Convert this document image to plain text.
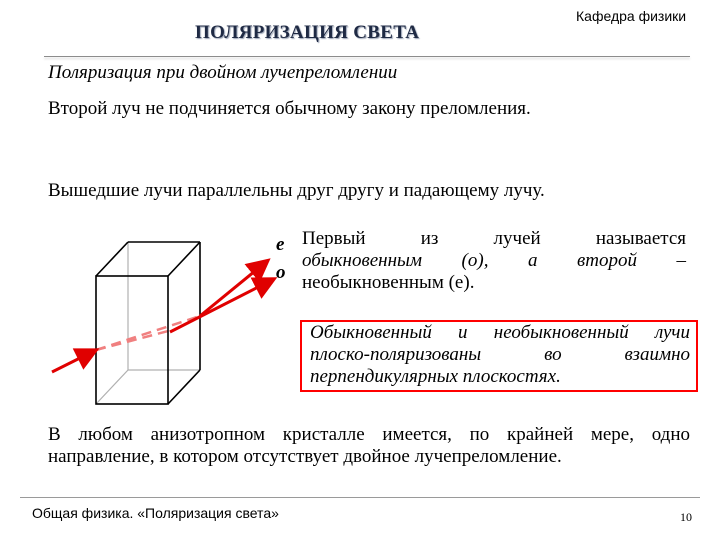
ПОЛЯРИЗАЦИЯ СВЕТА
Кафедра физики
Поляризация при двойном лучепреломлении
Второй луч не подчиняется обычному закону преломления.
Вышедшие лучи параллельны друг другу и падающему лучу.
e
o
Первый из лучей называется
обыкновенным (о), а второй –
необыкновенным (е).
Обыкновенный и необыкновенный лучи
плоско-поляризованы во взаимно
перпендикулярных плоскостях.
В любом анизотропном кристалле имеется, по крайней мере, одно направление, в котором отсутствует двойное лучепреломление.
Общая физика. «Поляризация света»	10
